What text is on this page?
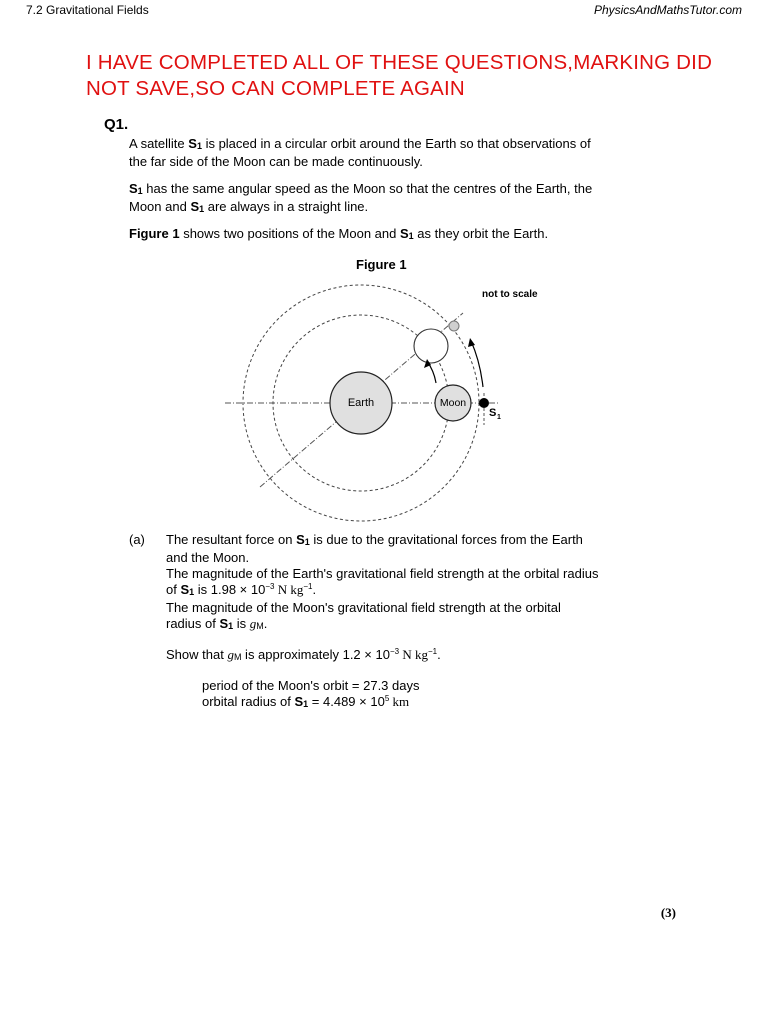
7.2 Gravitational Fields	PhysicsAndMathsTutor.com
I HAVE COMPLETED ALL OF THESE QUESTIONS,MARKING DID
NOT SAVE,SO CAN COMPLETE AGAIN
Q1.
A satellite $S_1$ is placed in a circular orbit around the Earth so that observations of
the far side of the Moon can be made continuously.
$S_1$ has the same angular speed as the Moon so that the centres of the Earth, the
Moon and $S_1$ are always in a straight line.
Figure 1 shows two positions of the Moon and $S_1$ as they orbit the Earth.
Figure 1
Earth	Moon
S 1
not to scale
(a) The resultant force on $S_1$ is due to the gravitational forces from the Earth
and the Moon.
The magnitude of the Earth's gravitational field strength at the orbital radius
of $S_1$ is $1.98 \times 10^{-3}$ N $kg^{-1}$.
The magnitude of the Moon's gravitational field strength at the orbital
radius of $S_1$ is $g_M$.
Show that $g_M$ is approximately $1.2 \times 10^{-3}$ N $kg^{-1}$.
period of the Moon's orbit = 27.3 days
orbital radius of $S_1 = 4.489 \times 10^5$ km
(3)
